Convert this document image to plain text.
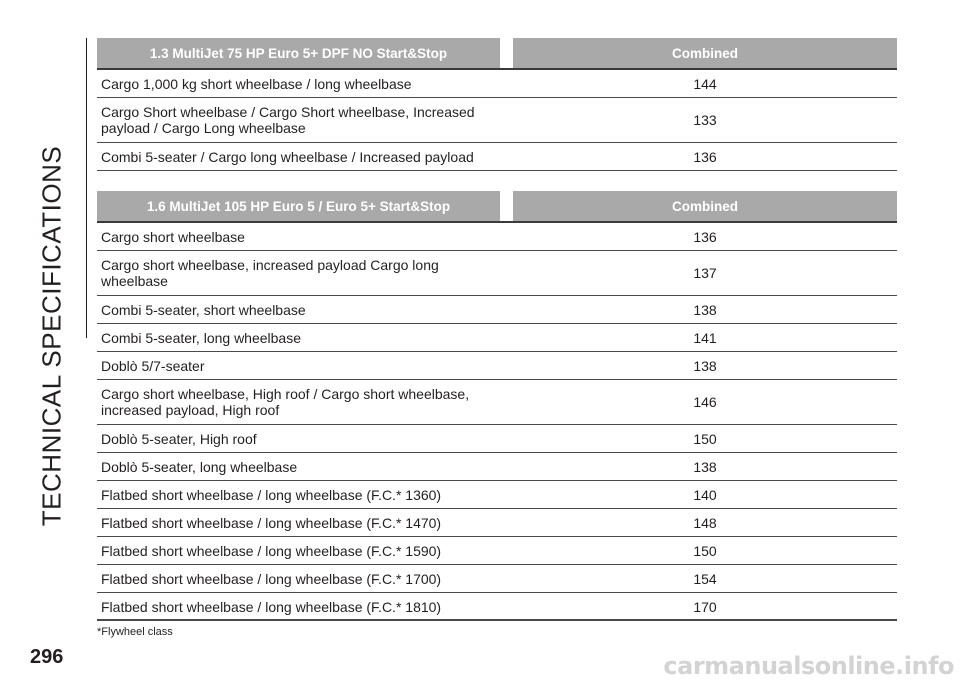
TECHNICAL SPECIFICATIONS
1.3 MultiJet 75 HP Euro 5+ DPF NO Start&Stop		Combined
Cargo 1,000 kg short wheelbase / long wheelbase		144
Cargo Short wheelbase / Cargo Short wheelbase, Increased payload / Cargo Long wheelbase		133
Combi 5-seater / Cargo long wheelbase / Increased payload		136
1.6 MultiJet 105 HP Euro 5 / Euro 5+ Start&Stop		Combined
Cargo short wheelbase		136
Cargo short wheelbase, increased payload Cargo long wheelbase		137
Combi 5-seater, short wheelbase		138
Combi 5-seater, long wheelbase		141
Doblò 5/7-seater		138
Cargo short wheelbase, High roof / Cargo short wheelbase, increased payload, High roof		146
Doblò 5-seater, High roof		150
Doblò 5-seater, long wheelbase		138
Flatbed short wheelbase / long wheelbase (F.C.* 1360)		140
Flatbed short wheelbase / long wheelbase (F.C.* 1470)		148
Flatbed short wheelbase / long wheelbase (F.C.* 1590)		150
Flatbed short wheelbase / long wheelbase (F.C.* 1700)		154
Flatbed short wheelbase / long wheelbase (F.C.* 1810)		170
*Flywheel class
296	carmanualsonline.info
